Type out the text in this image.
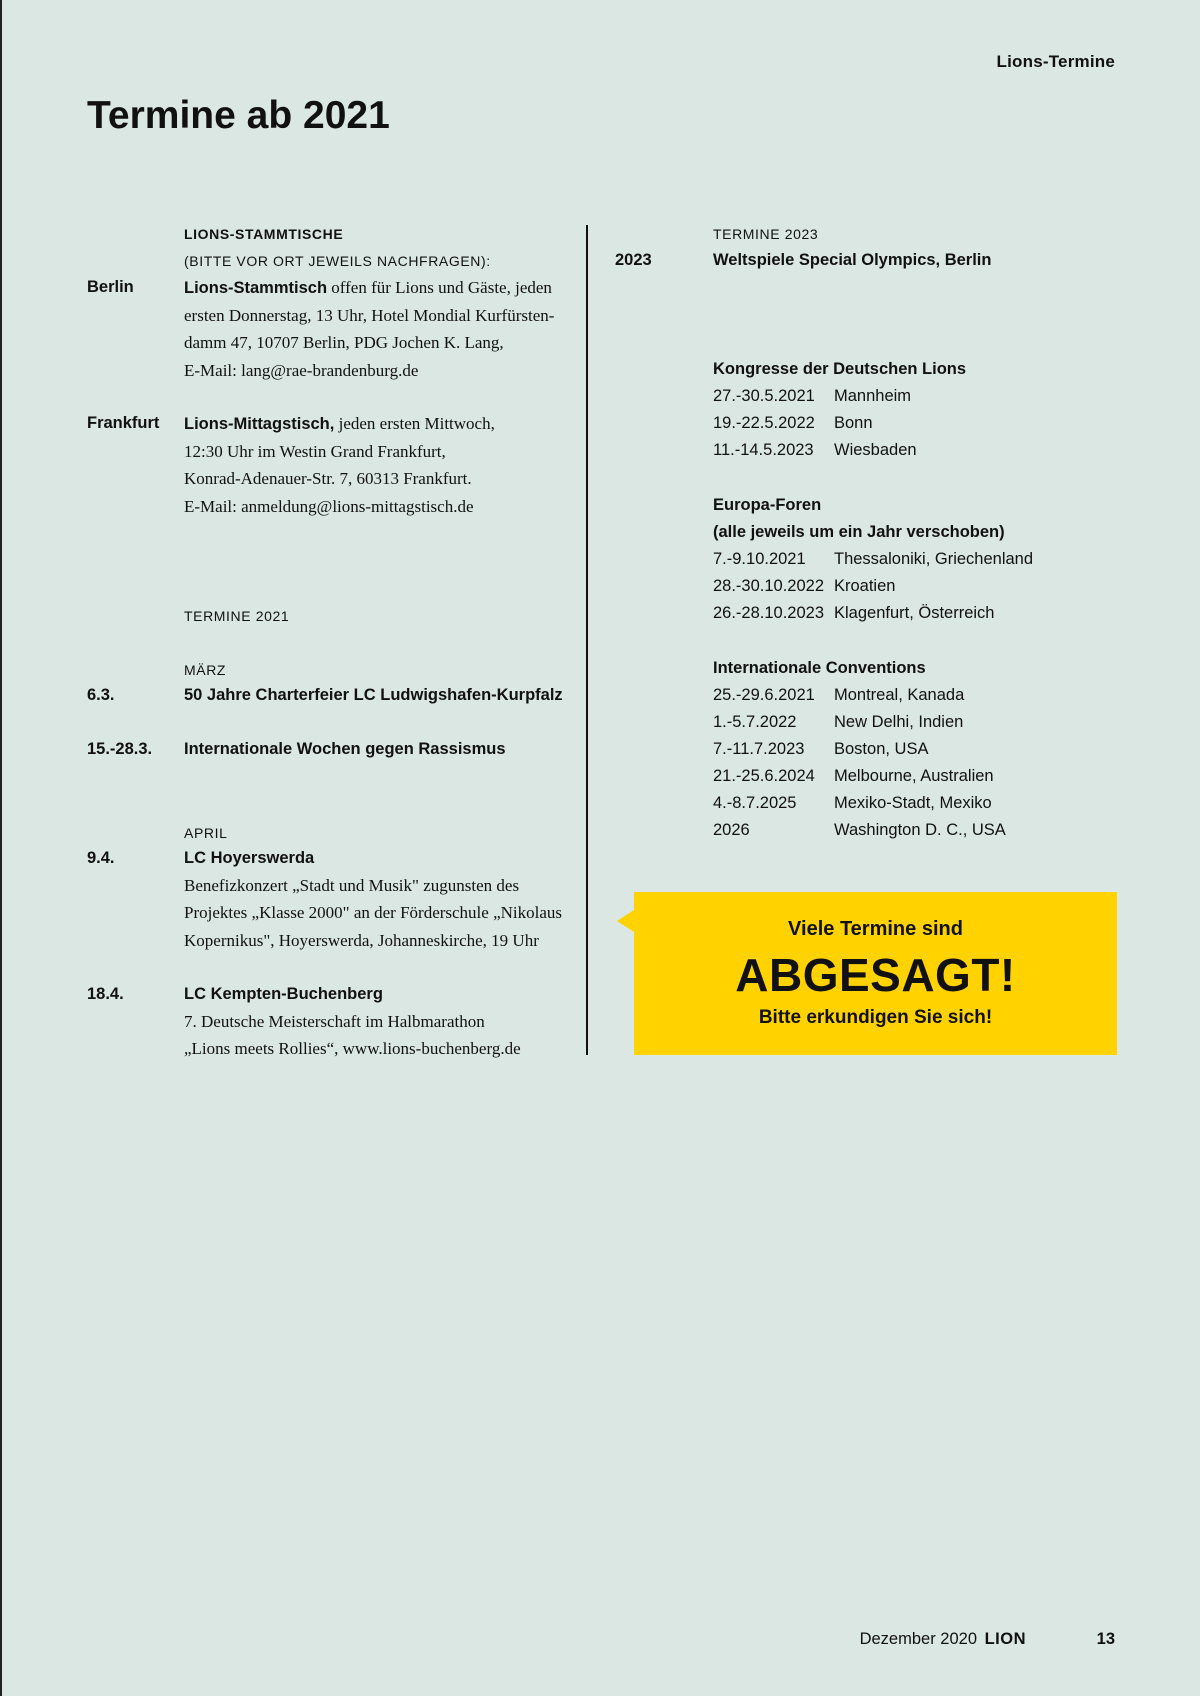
Lions-Termine
Termine ab 2021
LIONS-STAMMTISCHE
(BITTE VOR ORT JEWEILS NACHFRAGEN):
Berlin	Lions-Stammtisch offen für Lions und Gäste, jeden
ersten Donnerstag, 13 Uhr, Hotel Mondial Kurfürsten-
damm 47, 10707 Berlin, PDG Jochen K. Lang,
E-Mail: lang@rae-brandenburg.de
Frankfurt Lions-Mittagstisch, jeden ersten Mittwoch,
12:30 Uhr im Westin Grand Frankfurt,
Konrad-Adenauer-Str. 7, 60313 Frankfurt.
E-Mail: anmeldung@lions-mittagstisch.de
TERMINE 2021
MÄRZ
6.3.	50 Jahre Charterfeier LC Ludwigshafen-Kurpfalz
15.-28.3. Internationale Wochen gegen Rassismus
APRIL
9.4.	LC Hoyerswerda
Benefizkonzert „Stadt und Musik" zugunsten des
Projektes „Klasse 2000" an der Förderschule „Nikolaus
Kopernikus", Hoyerswerda, Johanneskirche, 19 Uhr
18.4.	LC Kempten-Buchenberg
7. Deutsche Meisterschaft im Halbmarathon
„Lions meets Rollies“, www.lions-buchenberg.de
TERMINE 2023
2023	Weltspiele Special Olympics, Berlin
Kongresse der Deutschen Lions
27.-30.5.2021 Mannheim
19.-22.5.2022 Bonn
11.-14.5.2023 Wiesbaden
Europa-Foren
(alle jeweils um ein Jahr verschoben)
7.-9.10.2021 Thessaloniki, Griechenland
28.-30.10.2022 Kroatien
26.-28.10.2023 Klagenfurt, Österreich
Internationale Conventions
25.-29.6.2021 Montreal, Kanada
1.-5.7.2022 New Delhi, Indien
7.-11.7.2023 Boston, USA
21.-25.6.2024 Melbourne, Australien
4.-8.7.2025 Mexiko-Stadt, Mexiko
2026	Washington D. C., USA
Viele Termine sind
ABGESAGT!
Bitte erkundigen Sie sich!
Dezember 2020 LION	13
